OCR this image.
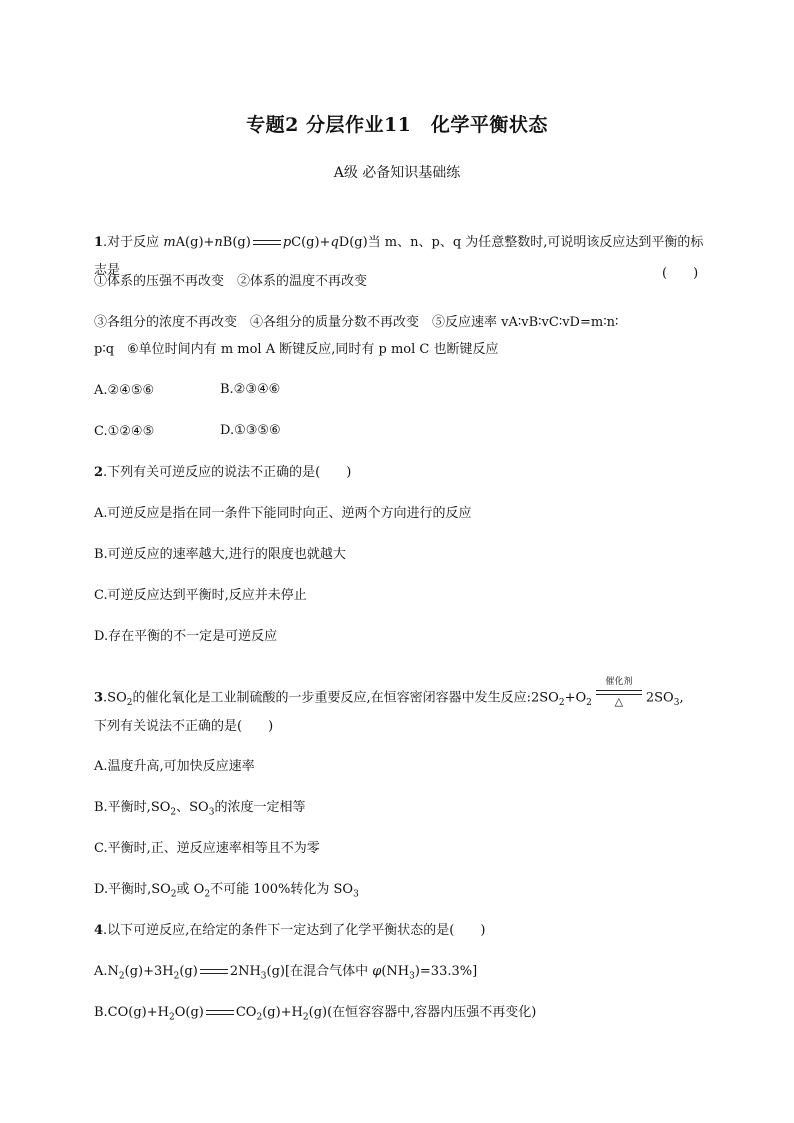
专题2 分层作业11　化学平衡状态
A级 必备知识基础练
1.对于反应 mA(g)+nB(g) pC(g)+qD(g)当 m、n、p、q 为任意整数时,可说明该反应达到平衡的标
志是	(　　)
①体系的压强不再改变　②体系的温度不再改变
③各组分的浓度不再改变　④各组分的质量分数不再改变　⑤反应速率 vA∶vB∶vC∶vD=m∶n∶
p∶q　⑥单位时间内有 m mol A 断键反应,同时有 p mol C 也断键反应
A.②④⑤⑥	B.②③④⑥
C.①②④⑤	D.①③⑤⑥
2.下列有关可逆反应的说法不正确的是(　　)
A.可逆反应是指在同一条件下能同时向正、逆两个方向进行的反应
B.可逆反应的速率越大,进行的限度也就越大
C.可逆反应达到平衡时,反应并未停止
D.存在平衡的不一定是可逆反应
$3.SO_2$的催化氧化是工业制硫酸的一步重要反应,在恒容密闭容器中发生反应$:2SO_2+O_2$
催化剂
△	$2SO_3$,
下列有关说法不正确的是(　　)
A.温度升高,可加快反应速率
B.平衡时$,SO_2$、$SO_3$的浓度一定相等
C.平衡时,正、逆反应速率相等且不为零
D.平衡时$,SO_2$或 $O_2$不可能 100%转化为 $SO_3$
4.以下可逆反应,在给定的条件下一定达到了化学平衡状态的是(　　)
$A.N_2(g)+3H_2(g)$ $2NH_3(g)$[在混合气体中 $\varphi(NH_3)=33.3\%$]
$B.CO(g)+H_2O(g)$ $CO_2(g)+H_2(g)$(在恒容容器中,容器内压强不再变化)
